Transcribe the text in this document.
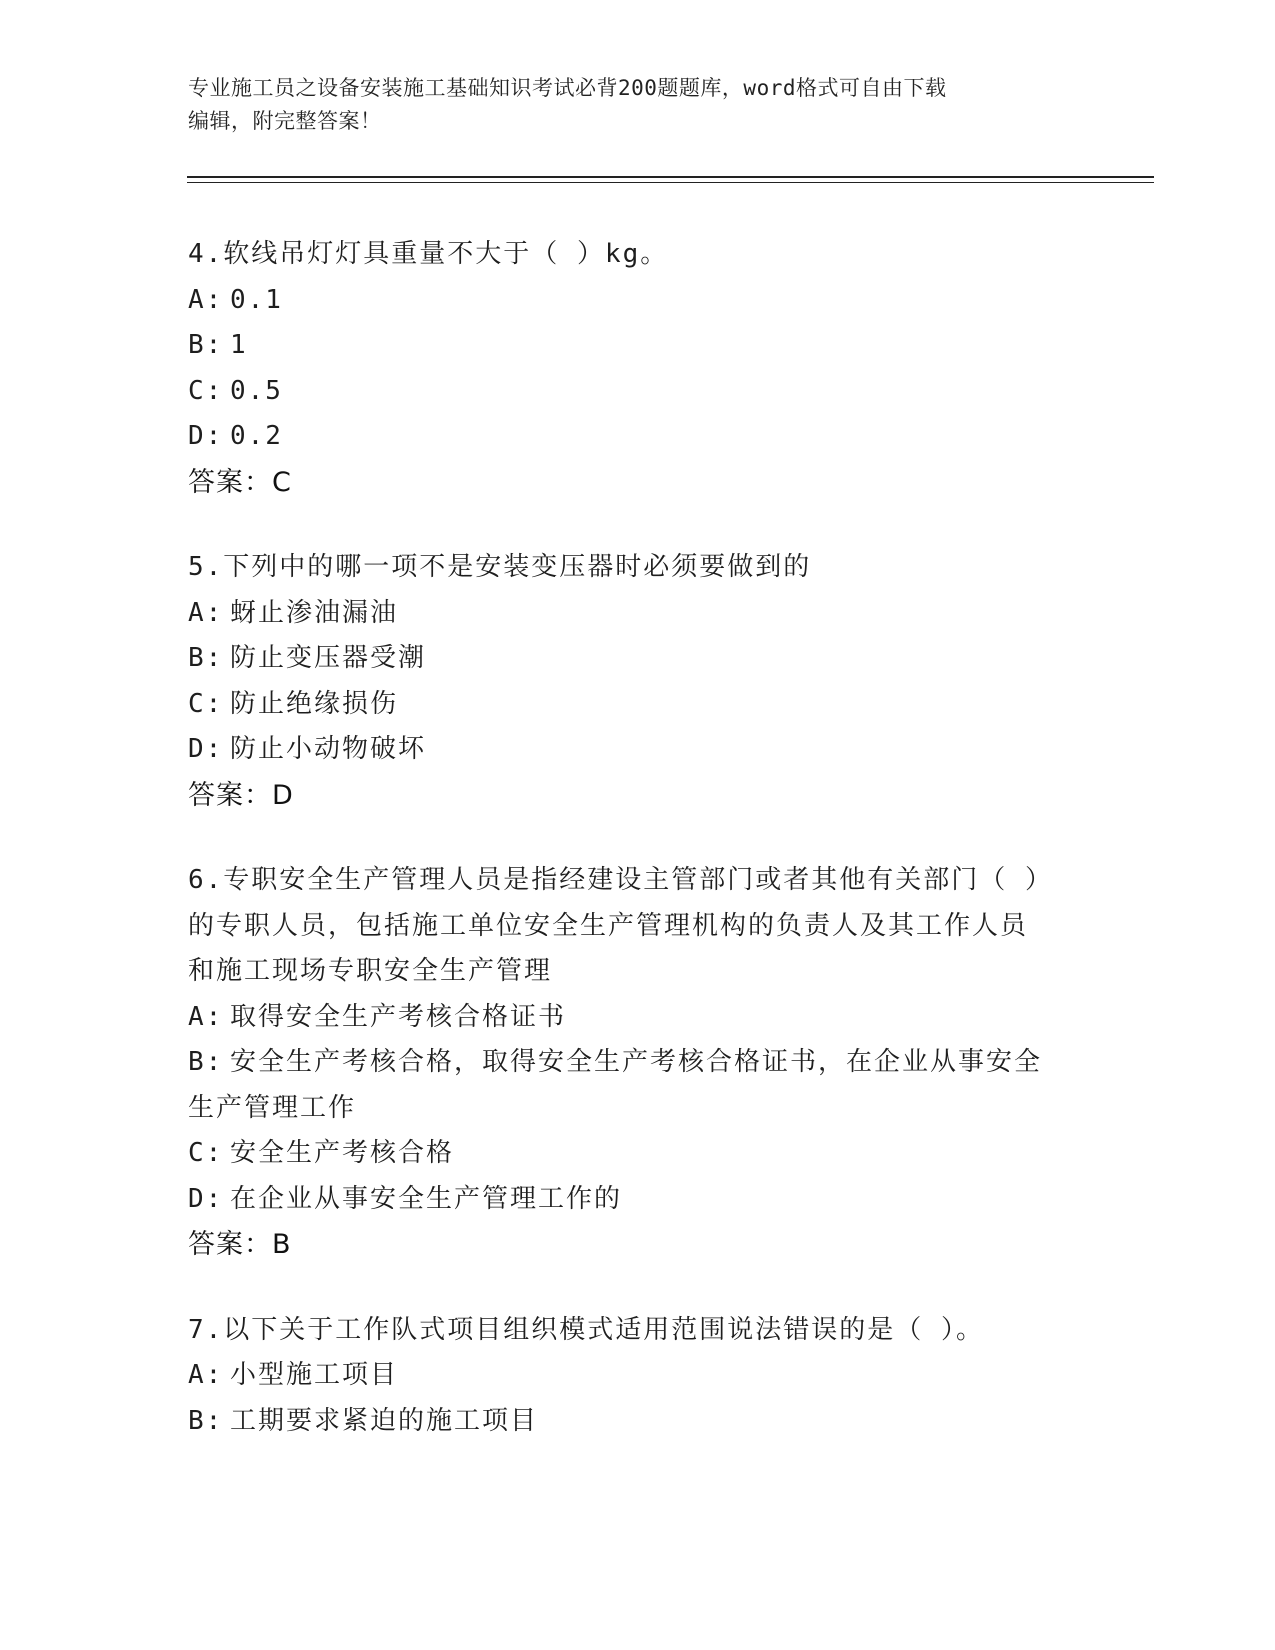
专业施工员之设备安装施工基础知识考试必背200题题库，word格式可自由下载
编辑，附完整答案！
4.软线吊灯灯具重量不大于（ ）kg。
A: 0.1
B: 1
C: 0.5
D: 0.2
答案：C
5.下列中的哪一项不是安装变压器时必须要做到的
A: 蚜止渗油漏油
B: 防止变压器受潮
C: 防止绝缘损伤
D: 防止小动物破坏
答案：D
6.专职安全生产管理人员是指经建设主管部门或者其他有关部门（ ）
的专职人员，包括施工单位安全生产管理机构的负责人及其工作人员
和施工现场专职安全生产管理
A: 取得安全生产考核合格证书
B: 安全生产考核合格，取得安全生产考核合格证书，在企业从事安全
生产管理工作
C: 安全生产考核合格
D: 在企业从事安全生产管理工作的
答案：B
7.以下关于工作队式项目组织模式适用范围说法错误的是（ ）。
A: 小型施工项目
B: 工期要求紧迫的施工项目
